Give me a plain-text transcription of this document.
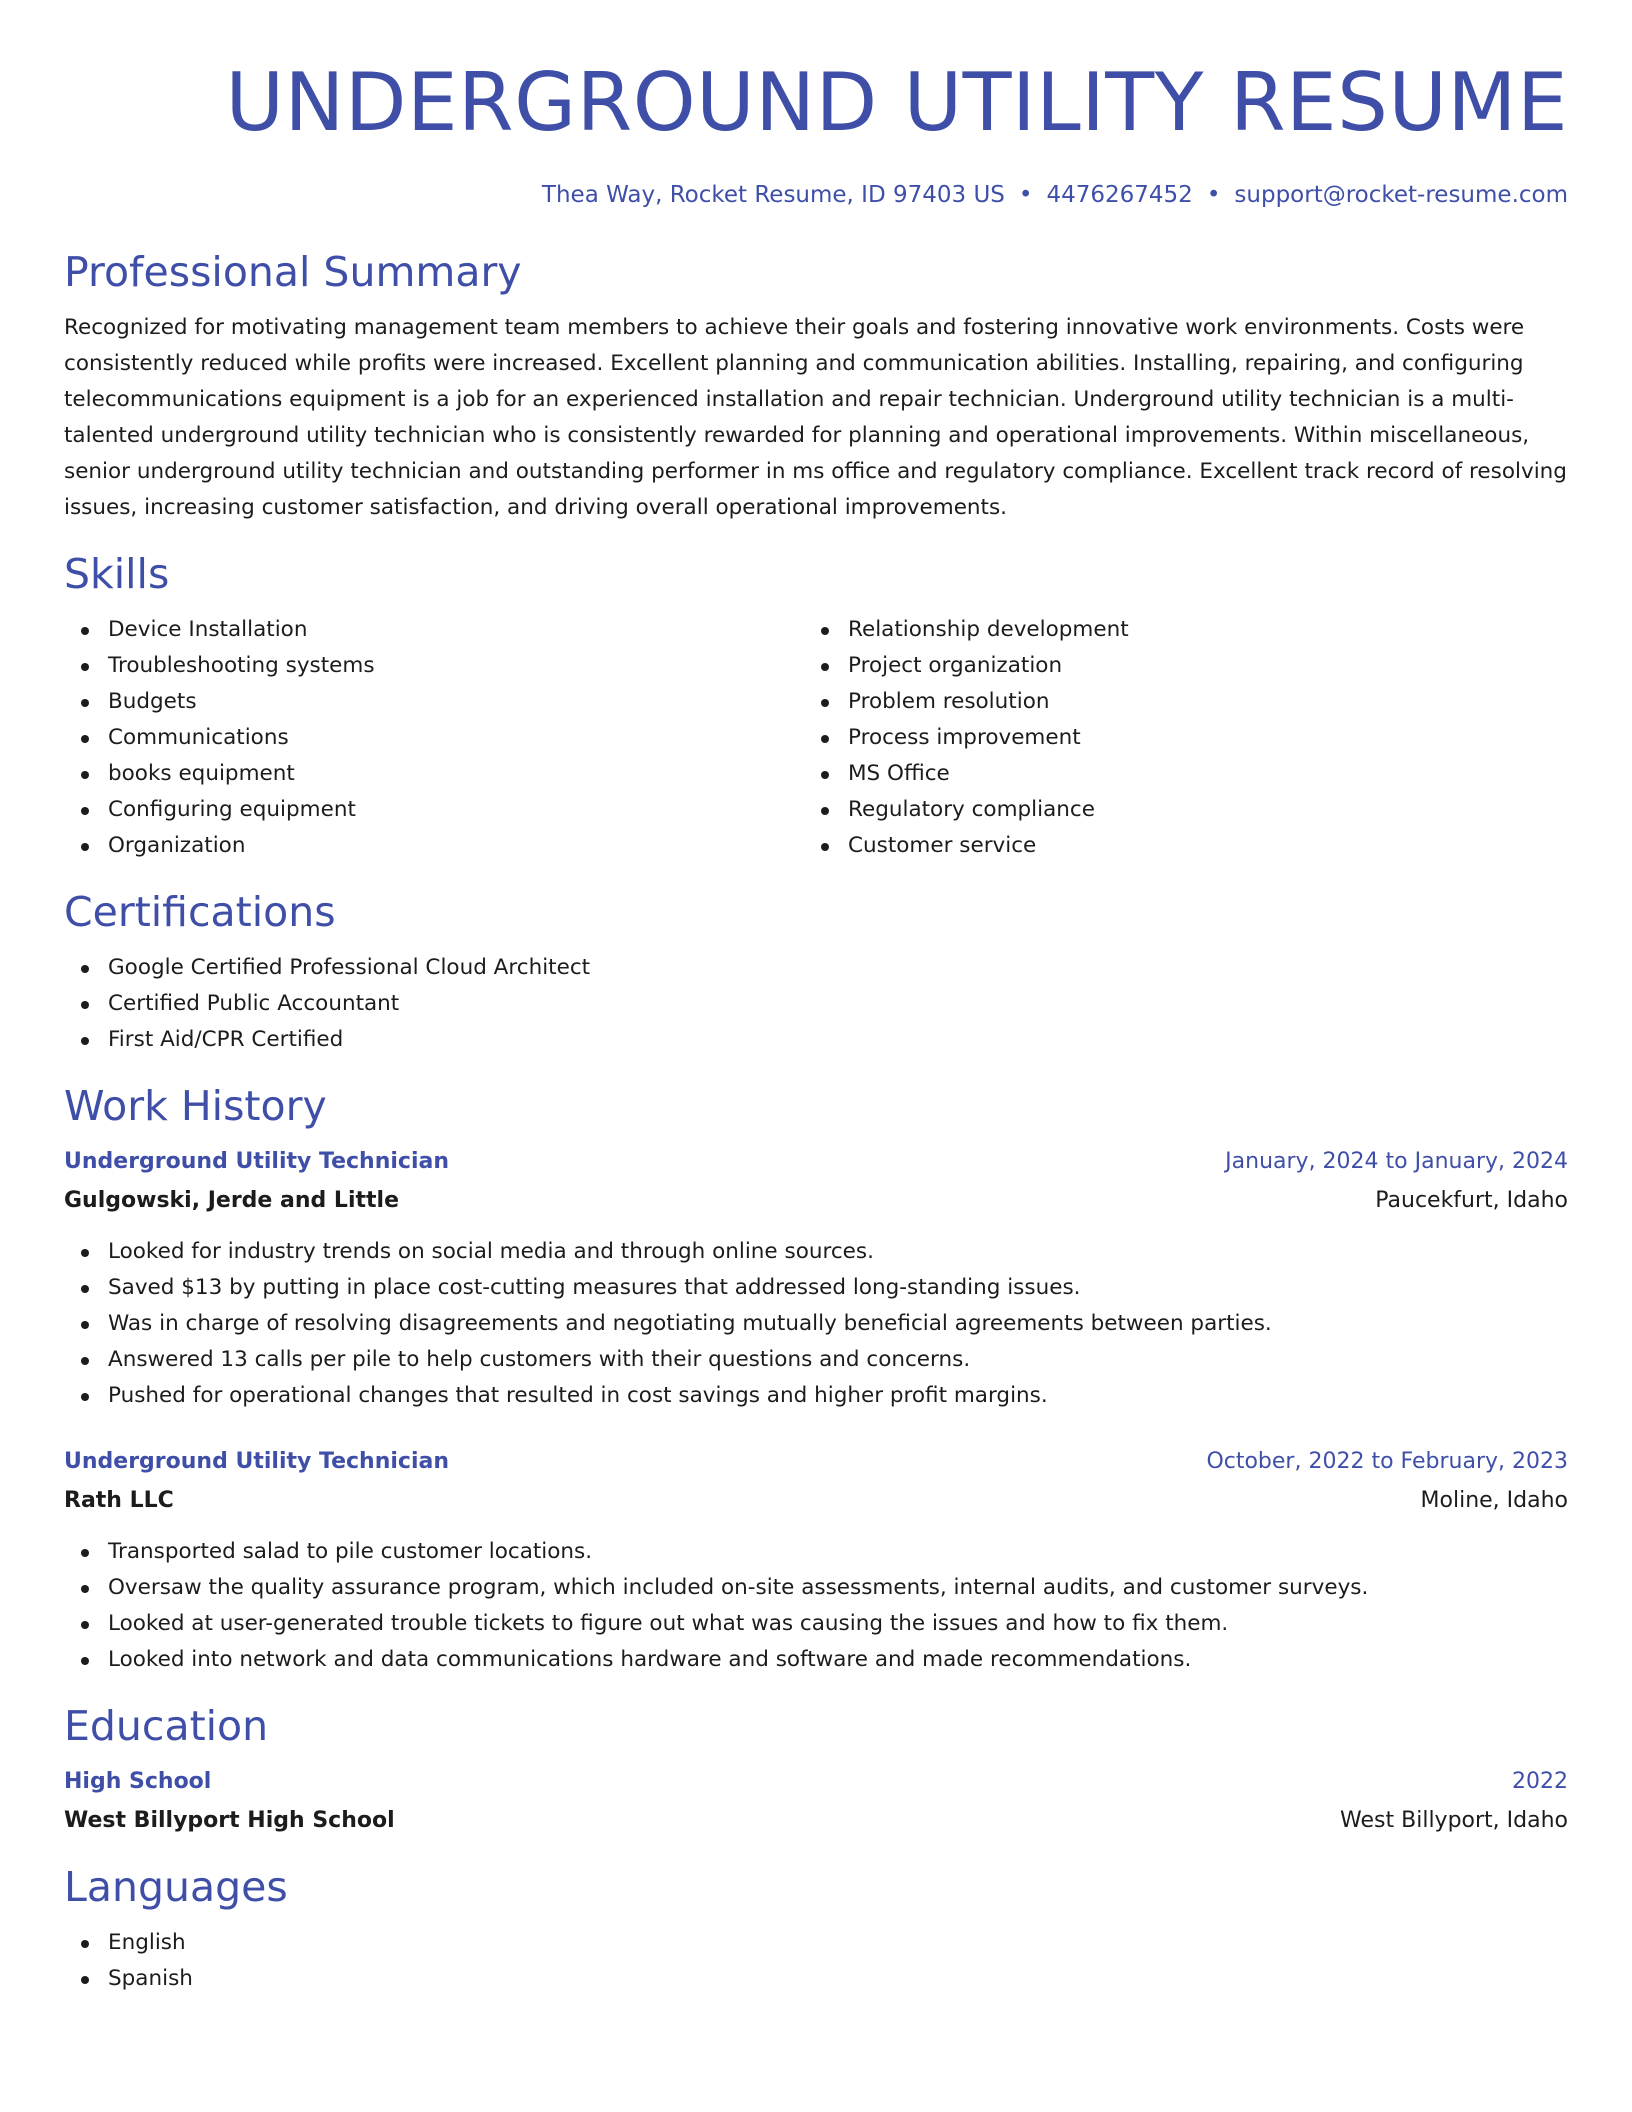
UNDERGROUND UTILITY RESUME
Thea Way, Rocket Resume, ID 97403 US • 4476267452 • support@rocket-resume.com
Professional Summary

Recognized for motivating management team members to achieve their goals and fostering innovative work environments. Costs were consistently reduced while profits were increased. Excellent planning and communication abilities. Installing, repairing, and configuring telecommunications equipment is a job for an experienced installation and repair technician. Underground utility technician is a multi-talented underground utility technician who is consistently rewarded for planning and operational improvements. Within miscellaneous, senior underground utility technician and outstanding performer in ms office and regulatory compliance. Excellent track record of resolving issues, increasing customer satisfaction, and driving overall operational improvements.

Skills
Device Installation
Troubleshooting systems
Budgets
Communications
books equipment
Configuring equipment
Organization
Relationship development
Project organization
Problem resolution
Process improvement
MS Office
Regulatory compliance
Customer service
Certifications
Google Certified Professional Cloud Architect
Certified Public Accountant
First Aid/CPR Certified
Work History
Underground Utility Technician	January, 2024 to January, 2024
Gulgowski, Jerde and Little	Paucekfurt, Idaho
Looked for industry trends on social media and through online sources.
Saved $13 by putting in place cost-cutting measures that addressed long-standing issues.
Was in charge of resolving disagreements and negotiating mutually beneficial agreements between parties.
Answered 13 calls per pile to help customers with their questions and concerns.
Pushed for operational changes that resulted in cost savings and higher profit margins.
Underground Utility Technician	October, 2022 to February, 2023
Rath LLC	Moline, Idaho
Transported salad to pile customer locations.
Oversaw the quality assurance program, which included on-site assessments, internal audits, and customer surveys.
Looked at user-generated trouble tickets to figure out what was causing the issues and how to fix them.
Looked into network and data communications hardware and software and made recommendations.
Education
High School	2022
West Billyport High School	West Billyport, Idaho
Languages
English
Spanish
